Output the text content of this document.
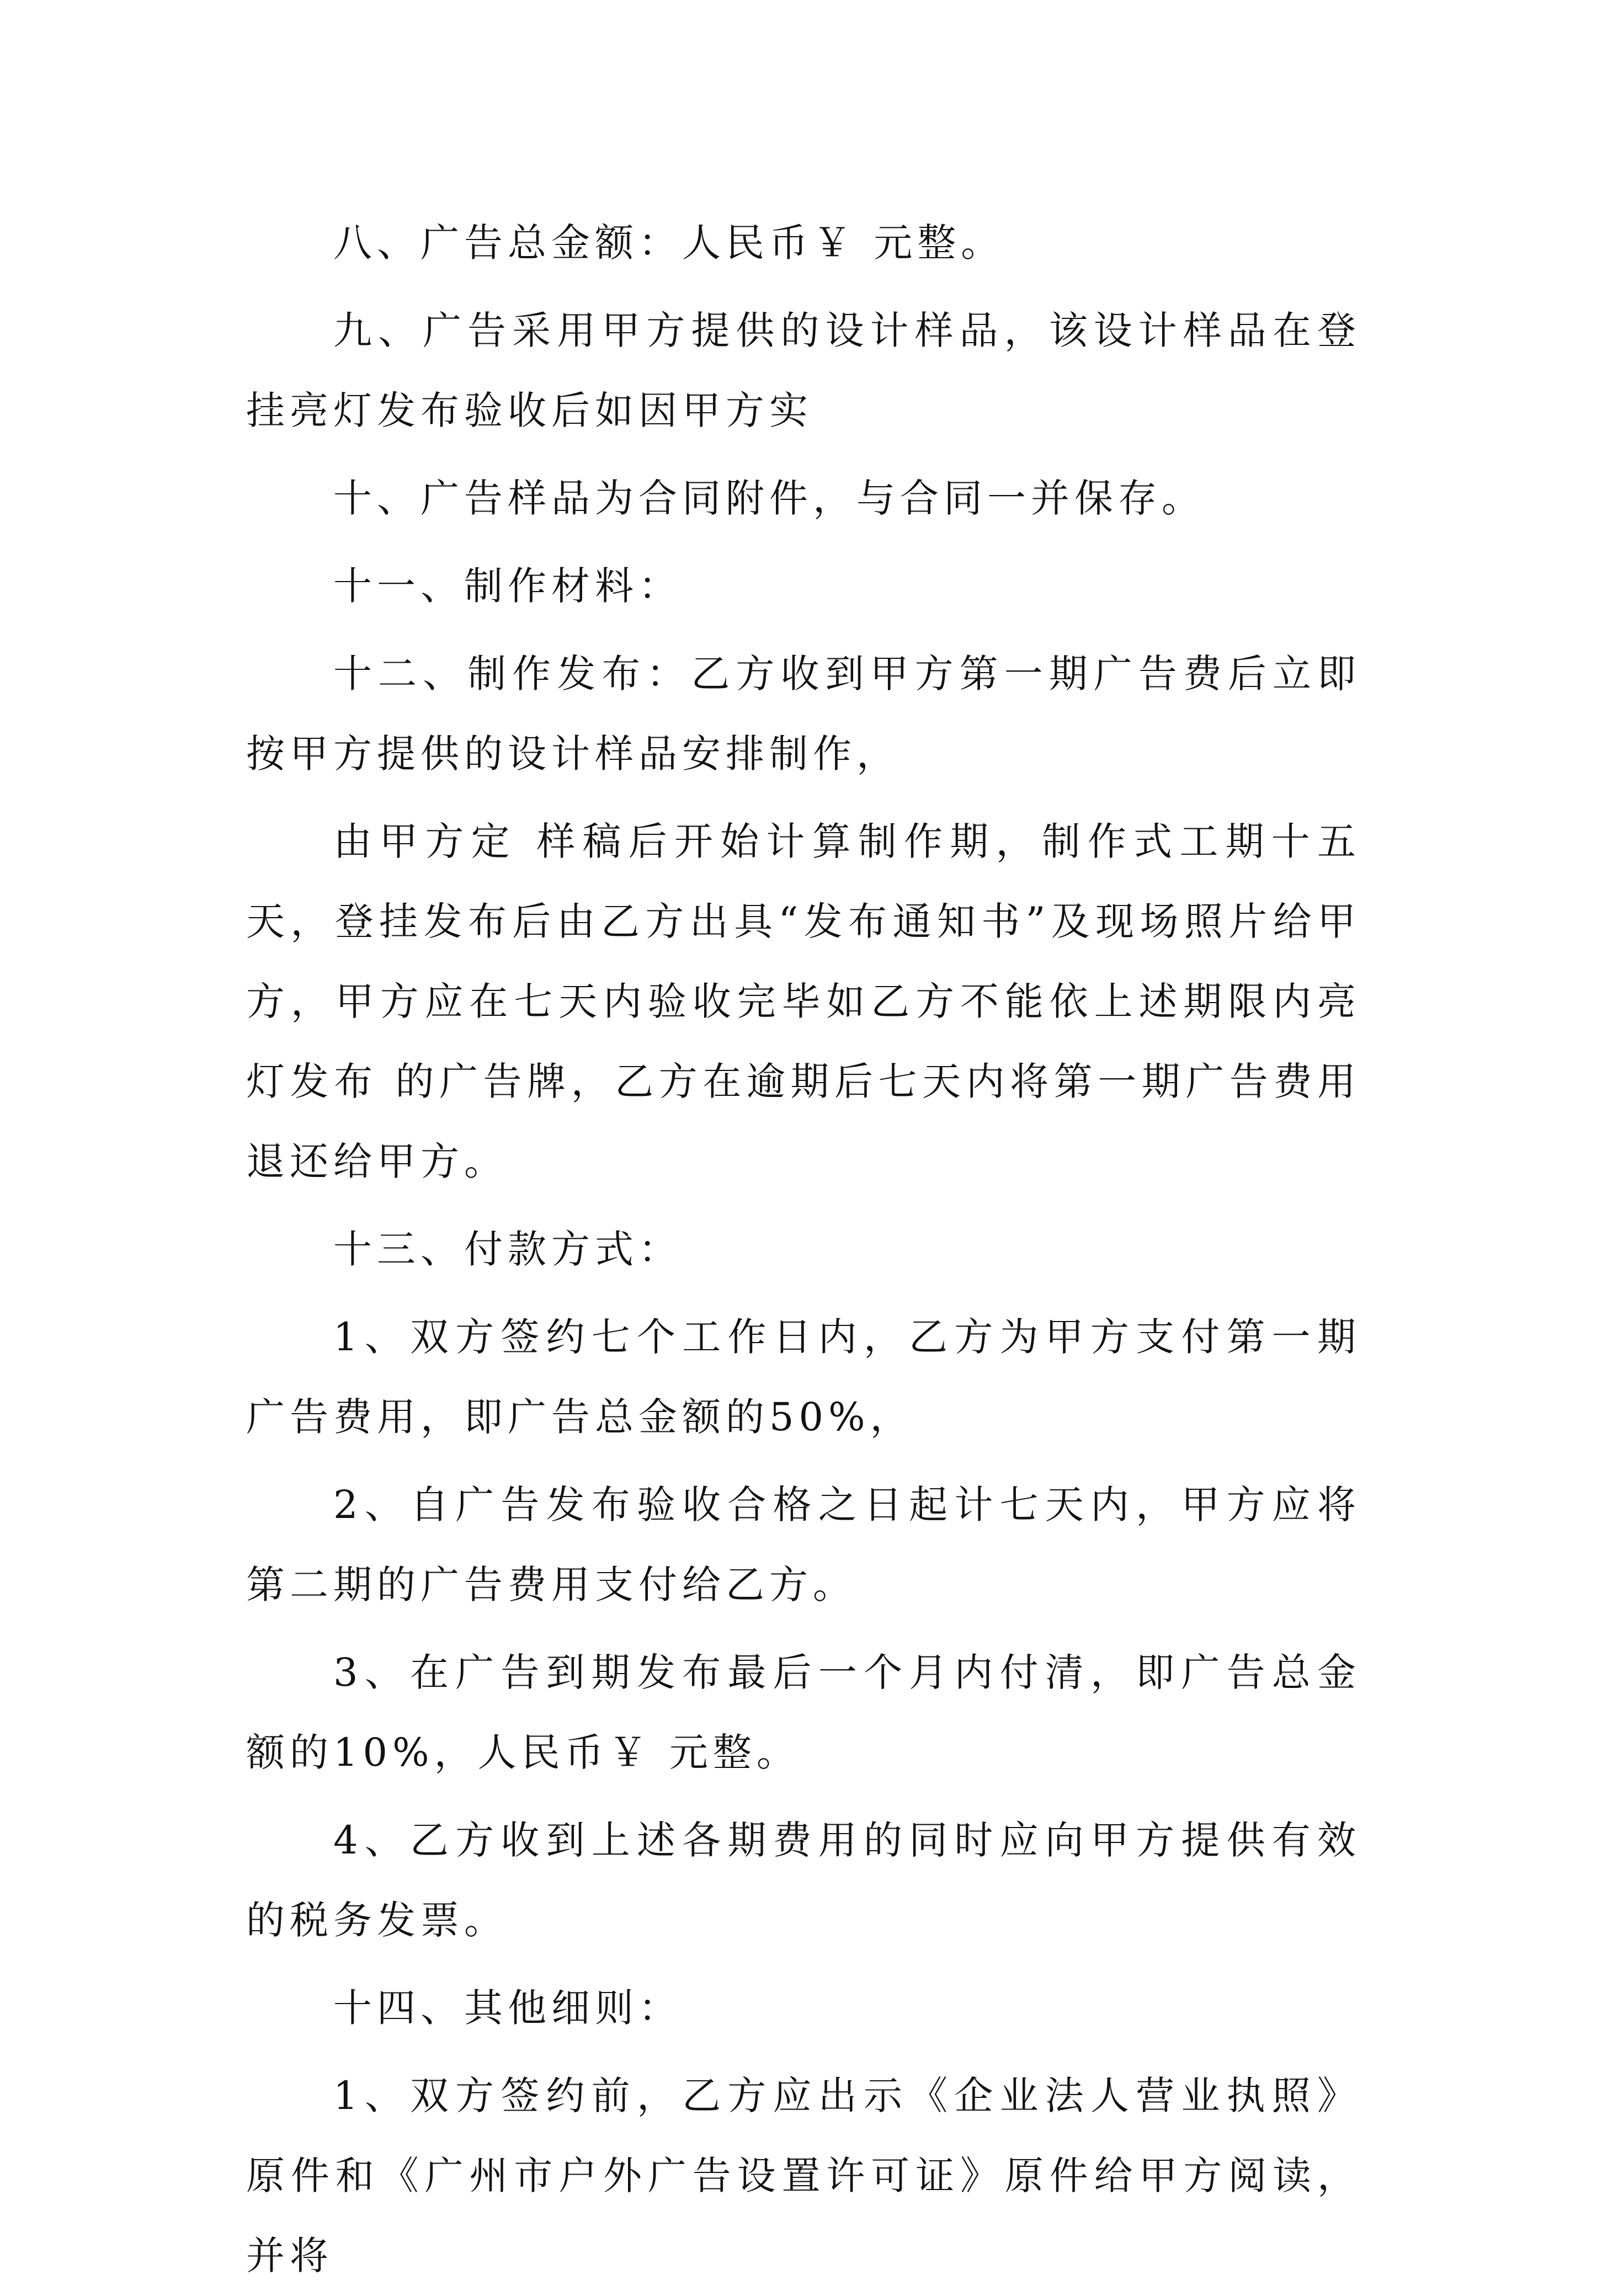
八、广告总金额：人民币￥ 元整。

九、广告采用甲方提供的设计样品，该设计样品在登挂亮灯发布验收后如因甲方实

十、广告样品为合同附件，与合同一并保存。

十一、制作材料：

十二、制作发布：乙方收到甲方第一期广告费后立即按甲方提供的设计样品安排制作，

由甲方定 样稿后开始计算制作期，制作式工期十五天，登挂发布后由乙方出具“发布通知书”及现场照片给甲方，甲方应在七天内验收完毕如乙方不能依上述期限内亮灯发布 的广告牌，乙方在逾期后七天内将第一期广告费用退还给甲方。

十三、付款方式：

1、双方签约七个工作日内，乙方为甲方支付第一期广告费用，即广告总金额的50%，

2、自广告发布验收合格之日起计七天内，甲方应将第二期的广告费用支付给乙方。

3、在广告到期发布最后一个月内付清，即广告总金额的10%，人民币￥ 元整。

4、乙方收到上述各期费用的同时应向甲方提供有效的税务发票。

十四、其他细则：

1、双方签约前，乙方应出示《企业法人营业执照》原件和《广州市户外广告设置许可证》原件给甲方阅读，并将
